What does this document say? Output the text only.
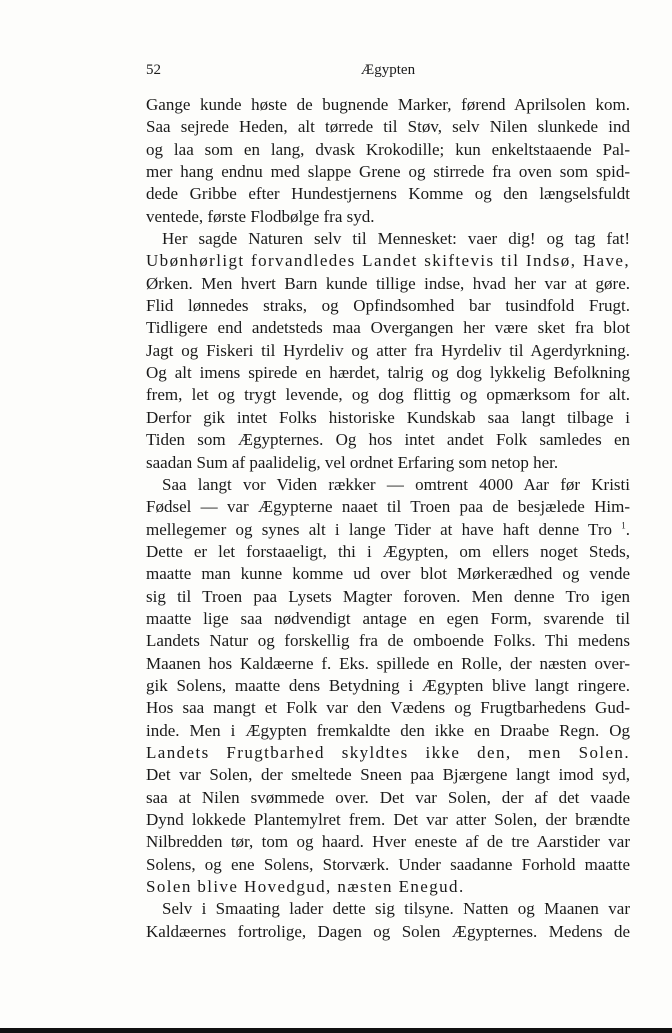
52	Ægypten
Gange kunde høste de bugnende Marker, førend Aprilsolen kom.
Saa sejrede Heden, alt tørrede til Støv, selv Nilen slunkede ind
og laa som en lang, dvask Krokodille; kun enkeltstaaende Pal-
mer hang endnu med slappe Grene og stirrede fra oven som spid-
dede Gribbe efter Hundestjernens Komme og den længselsfuldt
ventede, første Flodbølge fra syd.
Her sagde Naturen selv til Mennesket: vaer dig! og tag fat!
Ubønhørligt forvandledes Landet skiftevis til Indsø, Have,
Ørken. Men hvert Barn kunde tillige indse, hvad her var at gøre.
Flid lønnedes straks, og Opfindsomhed bar tusindfold Frugt.
Tidligere end andetsteds maa Overgangen her være sket fra blot
Jagt og Fiskeri til Hyrdeliv og atter fra Hyrdeliv til Agerdyrkning.
Og alt imens spirede en hærdet, talrig og dog lykkelig Befolkning
frem, let og trygt levende, og dog flittig og opmærksom for alt.
Derfor gik intet Folks historiske Kundskab saa langt tilbage i
Tiden som Ægypternes. Og hos intet andet Folk samledes en
saadan Sum af paalidelig, vel ordnet Erfaring som netop her.
Saa langt vor Viden rækker — omtrent 4000 Aar før Kristi
Fødsel — var Ægypterne naaet til Troen paa de besjælede Him-
mellegemer og synes alt i lange Tider at have haft denne Tro $^1$.
Dette er let forstaaeligt, thi i Ægypten, om ellers noget Steds,
maatte man kunne komme ud over blot Mørkerædhed og vende
sig til Troen paa Lysets Magter foroven. Men denne Tro igen
maatte lige saa nødvendigt antage en egen Form, svarende til
Landets Natur og forskellig fra de omboende Folks. Thi medens
Maanen hos Kaldæerne f. Eks. spillede en Rolle, der næsten over-
gik Solens, maatte dens Betydning i Ægypten blive langt ringere.
Hos saa mangt et Folk var den Vædens og Frugtbarhedens Gud-
inde. Men i Ægypten fremkaldte den ikke en Draabe Regn. Og
Landets Frugtbarhed skyldtes ikke den, men Solen.
Det var Solen, der smeltede Sneen paa Bjærgene langt imod syd,
saa at Nilen svømmede over. Det var Solen, der af det vaade
Dynd lokkede Plantemylret frem. Det var atter Solen, der brændte
Nilbredden tør, tom og haard. Hver eneste af de tre Aarstider var
Solens, og ene Solens, Storværk. Under saadanne Forhold maatte
Solen blive Hovedgud, næsten Enegud.
Selv i Smaating lader dette sig tilsyne. Natten og Maanen var
Kaldæernes fortrolige, Dagen og Solen Ægypternes. Medens de
